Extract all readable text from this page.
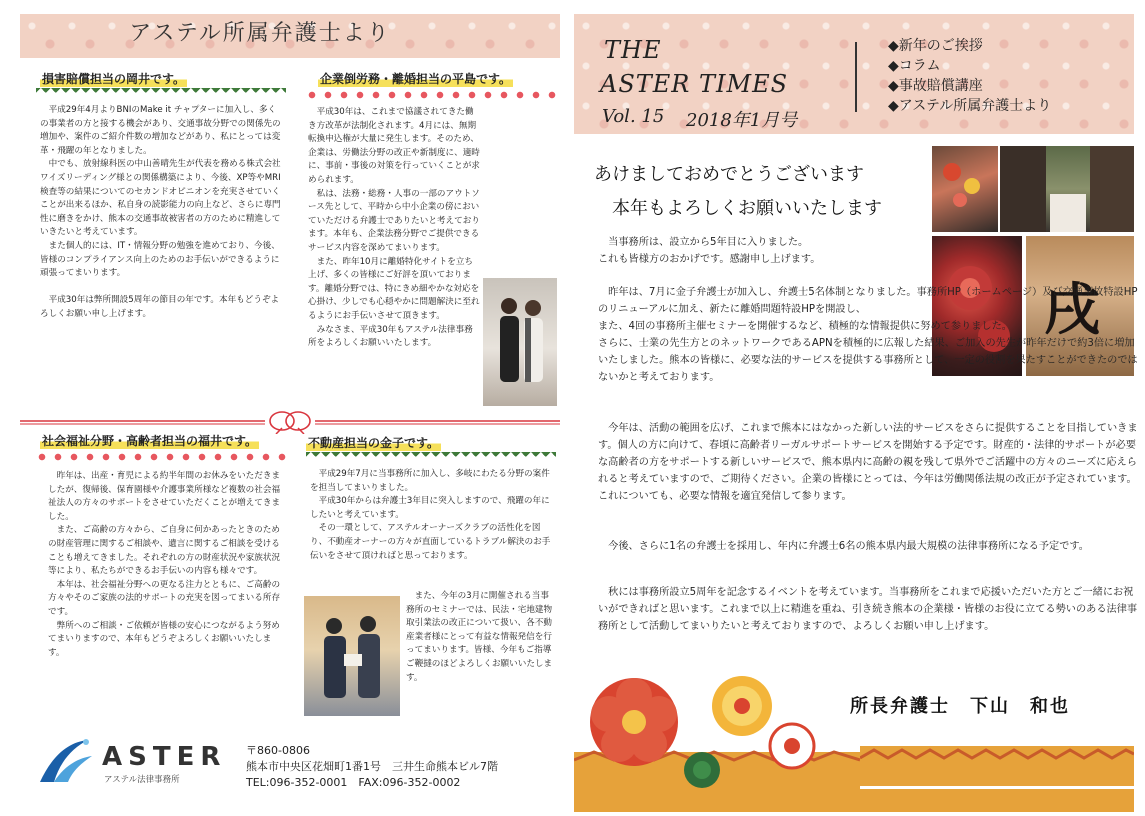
アステル所属弁護士より
損害賠償担当の岡井です。
　平成29年4月よりBNIのMake it チャプターに加入し、多くの事業者の方と接する機会があり、交通事故分野での関係先の増加や、案件のご紹介件数の増加などがあり、私にとっては変革・飛躍の年となりました。
　中でも、放射線科医の中山善晴先生が代表を務める株式会社ワイズリーディング様との関係構築により、今後、XP等やMRI検査等の結果についてのセカンドオピニオンを充実させていくことが出来るほか、私自身の読影能力の向上など、さらに専門性に磨きをかけ、熊本の交通事故被害者の方のために精進していきたいと考えています。
　また個人的には、IT・情報分野の勉強を進めており、今後、皆様のコンプライアンス向上のためのお手伝いができるように頑張ってまいります。

　平成30年は弊所開設5周年の節目の年です。本年もどうぞよろしくお願い申し上げます。
企業倒労務・離婚担当の平島です。
　平成30年は、これまで協議されてきた働き方改革が法制化されます。4月には、無期転換申込権が大量に発生します。そのため、企業は、労働法分野の改正や新制度に、適時に、事前・事後の対策を行っていくことが求められます。
　私は、法務・総務・人事の一部のアウトソース先として、平時から中小企業の傍においていただける弁護士でありたいと考えております。本年も、企業法務分野でご提供できるサービス内容を深めてまいります。
　また、昨年10月に離婚特化サイトを立ち上げ、多くの皆様にご好評を頂いております。離婚分野では、特にきめ細やかな対応を心掛け、少しでも心穏やかに問題解決に至れるようにお手伝いさせて頂きます。
　みなさま、平成30年もアステル法律事務所をよろしくお願いいたします。
社会福祉分野・高齢者担当の福井です。
　昨年は、出産・育児による約半年間のお休みをいただきましたが、復帰後、保育園様や介護事業所様など複数の社会福祉法人の方々のサポートをさせていただくことが増えてきました。
　また、ご高齢の方々から、ご自身に何かあったときのための財産管理に関するご相談や、遺言に関するご相談を受けることも増えてきました。それぞれの方の財産状況や家族状況等により、私たちができるお手伝いの内容も様々です。
　本年は、社会福祉分野への更なる注力とともに、ご高齢の方々やそのご家族の法的サポートの充実を図ってまいる所存です。
　弊所へのご相談・ご依頼が皆様の安心につながるよう努めてまいりますので、本年もどうぞよろしくお願いいたします。
不動産担当の金子です。
　平成29年7月に当事務所に加入し、多岐にわたる分野の案件を担当してまいりました。
　平成30年からは弁護士3年目に突入しますので、飛躍の年にしたいと考えています。
　その一環として、アステルオーナーズクラブの活性化を図り、不動産オーナーの方々が直面しているトラブル解決のお手伝いをさせて頂ければと思っております。
　また、今年の3月に開催される当事務所のセミナーでは、民法・宅地建物取引業法の改正について扱い、各不動産業者様にとって有益な情報発信を行ってまいります。皆様、今年もご指導ご鞭撻のほどよろしくお願いいたします。
ASTER
アステル法律事務所
〒860-0806
熊本市中央区花畑町1番1号　三井生命熊本ビル7階
TEL:096-352-0001　FAX:096-352-0002
THE
ASTER TIMES
Vol. 15 2018年1月号
◆新年のご挨拶
◆コラム
◆事故賠償講座
◆アステル所属弁護士より
あけましておめでとうございます
本年もよろしくお願いいたします
戌
　当事務所は、設立から5年目に入りました。
これも皆様方のおかげです。感謝申し上げます。
　昨年は、7月に金子弁護士が加入し、弁護士5名体制となりました。事務所HP（ホームページ）及び交通事故特設HPのリニューアルに加え、新たに離婚問題特設HPを開設し、
また、4回の事務所主催セミナーを開催するなど、積極的な情報提供に努めて参りました。
さらに、士業の先生方とのネットワークであるAPNを積極的に広報した結果、ご加入の先生が昨年だけで約3倍に増加いたしました。熊本の皆様に、必要な法的サービスを提供する事務所として、一定の役割を果たすことができたのではないかと考えております。
　今年は、活動の範囲を広げ、これまで熊本にはなかった新しい法的サービスをさらに提供することを目指していきます。個人の方に向けて、春頃に高齢者リーガルサポートサービスを開始する予定です。財産的・法律的サポートが必要な高齢者の方をサポートする新しいサービスで、熊本県内に高齢の親を残して県外でご活躍中の方々のニーズに応えられると考えていますので、ご期待ください。企業の皆様にとっては、今年は労働関係法規の改正が予定されています。これについても、必要な情報を適宜発信して参ります。
　今後、さらに1名の弁護士を採用し、年内に弁護士6名の熊本県内最大規模の法律事務所になる予定です。
　秋には事務所設立5周年を記念するイベントを考えています。当事務所をこれまで応援いただいた方とご一緒にお祝いができればと思います。これまで以上に精進を重ね、引き続き熊本の企業様・皆様のお役に立てる勢いのある法律事務所として活動してまいりたいと考えておりますので、よろしくお願い申し上げます。
所長弁護士　下山　和也
